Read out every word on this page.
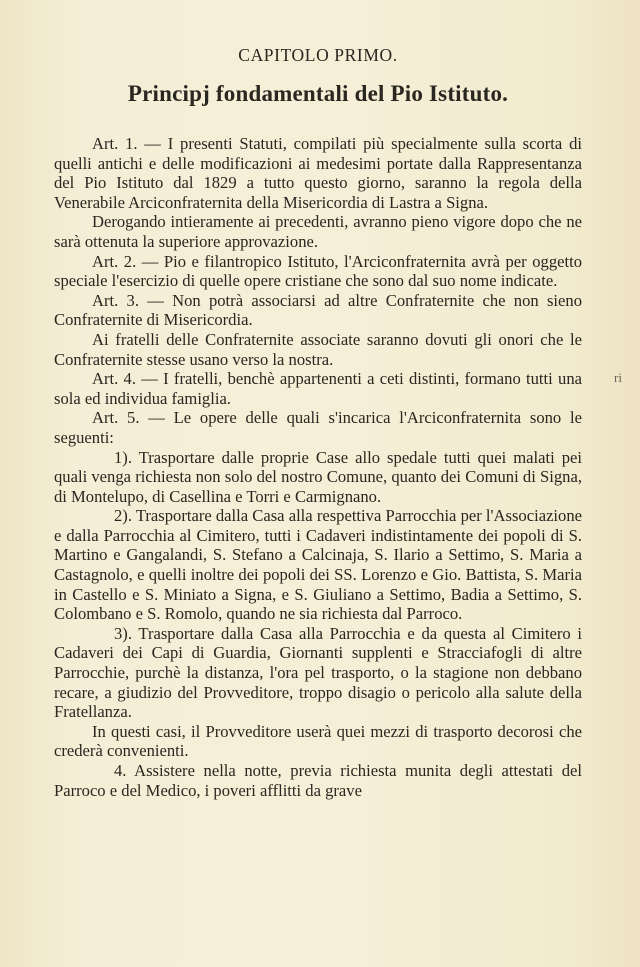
CAPITOLO PRIMO.
Principj fondamentali del Pio Istituto.

Art. 1. — I presenti Statuti, compilati più specialmente sulla scorta di quelli antichi e delle modificazioni ai medesimi portate dalla Rappresentanza del Pio Istituto dal 1829 a tutto questo giorno, saranno la regola della Venerabile Arciconfraternita della Misericordia di Lastra a Signa.

Derogando intieramente ai precedenti, avranno pieno vigore dopo che ne sarà ottenuta la superiore approvazione.

Art. 2. — Pio e filantropico Istituto, l'Arciconfraternita avrà per oggetto speciale l'esercizio di quelle opere cristiane che sono dal suo nome indicate.

Art. 3. — Non potrà associarsi ad altre Confraternite che non sieno Confraternite di Misericordia.

Ai fratelli delle Confraternite associate saranno dovuti gli onori che le Confraternite stesse usano verso la nostra.

Art. 4. — I fratelli, benchè appartenenti a ceti distinti, formano tutti una sola ed individua famiglia.

Art. 5. — Le opere delle quali s'incarica l'Arciconfraternita sono le seguenti:

1). Trasportare dalle proprie Case allo spedale tutti quei malati pei quali venga richiesta non solo del nostro Comune, quanto dei Comuni di Signa, di Montelupo, di Casellina e Torri e Carmignano.

2). Trasportare dalla Casa alla respettiva Parrocchia per l'Associazione e dalla Parrocchia al Cimitero, tutti i Cadaveri indistintamente dei popoli di S. Martino e Gangalandi, S. Stefano a Calcinaja, S. Ilario a Settimo, S. Maria a Castagnolo, e quelli inoltre dei popoli dei SS. Lorenzo e Gio. Battista, S. Maria in Castello e S. Miniato a Signa, e S. Giuliano a Settimo, Badia a Settimo, S. Colombano e S. Romolo, quando ne sia richiesta dal Parroco.

3). Trasportare dalla Casa alla Parrocchia e da questa al Cimitero i Cadaveri dei Capi di Guardia, Giornanti supplenti e Stracciafogli di altre Parrocchie, purchè la distanza, l'ora pel trasporto, o la stagione non debbano recare, a giudizio del Provveditore, troppo disagio o pericolo alla salute della Fratellanza.

In questi casi, il Provveditore userà quei mezzi di trasporto decorosi che crederà convenienti.

4. Assistere nella notte, previa richiesta munita degli attestati del Parroco e del Medico, i poveri afflitti da grave

ri
